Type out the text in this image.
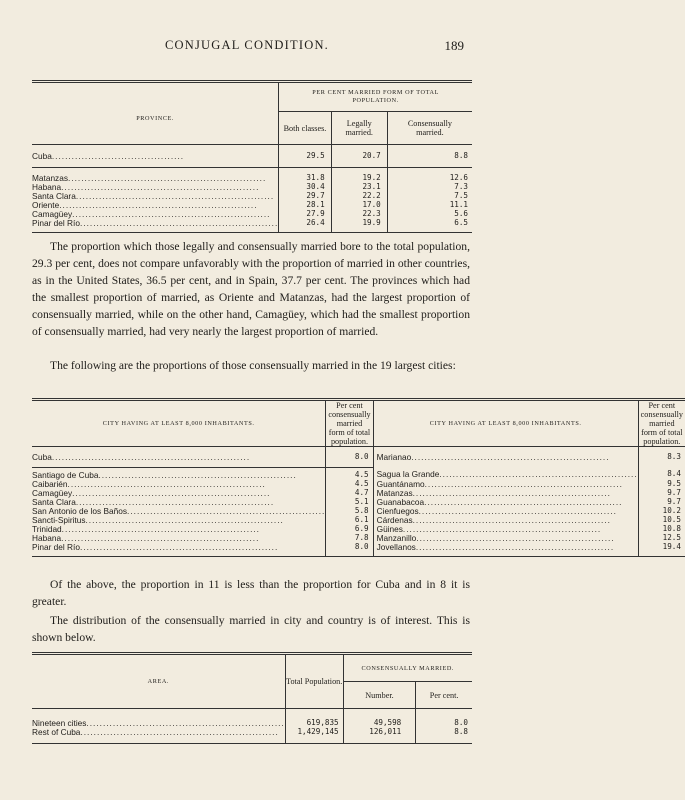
CONJUGAL CONDITION.	189
PROVINCE.	PER CENT MARRIED FORM OF TOTAL POPULATION.		
	Both classes.	Legally married.	Consensually married.
Cuba........................................	29.5	20.7	8.8
Matanzas............................................................	31.8	19.2	12.6
Habana............................................................	30.4	23.1	7.3
Santa Clara............................................................	29.7	22.2	7.5
Oriente............................................................	28.1	17.0	11.1
Camagüey............................................................	27.9	22.3	5.6
Pinar del Río............................................................	26.4	19.9	6.5

The proportion which those legally and consensually married bore to the total population, 29.3 per cent, does not compare unfavorably with the proportion of married in other countries, as in the United States, 36.5 per cent, and in Spain, 37.7 per cent. The provinces which had the smallest proportion of married, as Oriente and Matanzas, had the largest proportion of consensually married, while on the other hand, Camagüey, which had the smallest proportion of consensually married, had very nearly the largest proportion of married.

The following are the proportions of those consensually married in the 19 largest cities:

CITY HAVING AT LEAST 8,000 INHABITANTS.	Per cent consensually married form of total population.	CITY HAVING AT LEAST 8,000 INHABITANTS.	Per cent consensually married form of total population.
Cuba............................................................	8.0	Marianao............................................................	8.3
Santiago de Cuba............................................................	4.5	Sagua la Grande............................................................	8.4
Caibarién............................................................	4.5	Guantánamo............................................................	9.5
Camagüey............................................................	4.7	Matanzas............................................................	9.7
Santa Clara............................................................	5.1	Guanabacoa............................................................	9.7
San Antonio de los Baños............................................................	5.8	Cienfuegos............................................................	10.2
Sancti-Spiritus............................................................	6.1	Cárdenas............................................................	10.5
Trinidad............................................................	6.9	Güines............................................................	10.8
Habana............................................................	7.8	Manzanillo............................................................	12.5
Pinar del Río............................................................	8.0	Jovellanos............................................................	19.4

Of the above, the proportion in 11 is less than the proportion for Cuba and in 8 it is greater.

The distribution of the consensually married in city and country is of interest. This is shown below.

AREA.	Total Population.	CONSENSUALLY MARRIED.	
		Number.	Per cent.
Nineteen cities............................................................	619,835	49,598	8.0
Rest of Cuba............................................................	1,429,145	126,011	8.8
